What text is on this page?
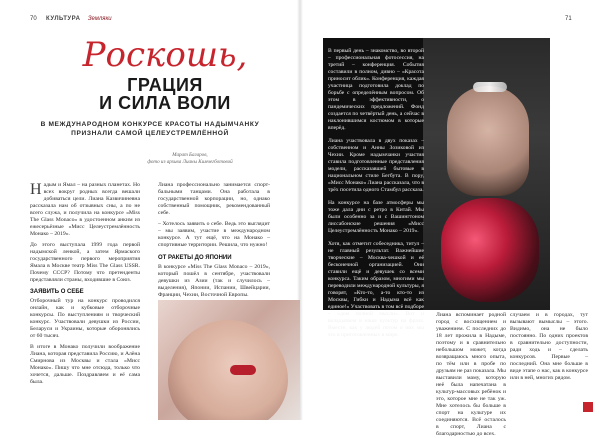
70 КУЛЬТУРА Земляки	71
Роскошь,
ГРАЦИЯ
И СИЛА ВОЛИ
В МЕЖДУНАРОДНОМ КОНКУРСЕ КРАСОТЫ НАДЫМЧАНКУ
ПРИЗНАЛИ САМОЙ ЦЕЛЕУСТРЕМЛЁННОЙ
Марат Багаров,
фото из архива Лианы Кимчегботовой
Н адым и Ямал – на разных планетах. Но всех вокруг родных всегда вешали добиваться цели. Лиана Казвичиневна рассказала нам об отзывных сны, а по не всего служа, и получила на конкурсе «Miss The Glass Monaco» в удостоенном анким из ежесерьёзные «Мисс Целеустремлённость Монако – 2019».
До этого выступала 1999 года первой надымской ленкой, а затем Ярмаского государственного первого мероприятия Ямала в Москве театр Miss The Glass USSR. Почему СССР? Потому что претенденты представляли страны, входившие в Союз.
ЗАЯВИТЬ О СЕБЕ
Отборочный тур на конкурс проводился онлайн, как и кубковые отборочные конкурсы. По выступлениям и творческий конкурс. Участвовали девушки из России, Беларуси и Украины, которые оборонялись от 60 тысяч.
В итоге в Монако получили воображение Лиана, которая представила Россию, и Алёна Смирнова из Москвы и стала «Мисс Монако». Пишу что мне отсюда, только что хочется, дальше. Поздравляем и её сама была.
Лиана профессионально занимается спорт-бальными танцами. Она работала в государственной корпорации, но, однако собственный помощник, рекомендованный себе.
– Хотелось заявить о себе. Ведь это выглядит – мы заявим, участие в международном конкурсе. А тут ещё, что на Монако – спортивные территории. Решила, что нужно!
ОТ РАКЕТЫ ДО ЯПОНИИ
В конкурсе «Miss The Glass Monaco – 2019», который пошёл в сентябре, участвовали девушки из Азии (так и случилось – выделения), Японии, Испании, Швейцарии, Франции, Чехии, Восточной Европы.

В первый день – знакомство, во второй – профессиональная фотосессия, на третий – конференция. События составили в полном, дивно – «Красота приносит облик». Конференция, каждая участница подготовила доклад по борьбе с определённым вопросом. Об этом в эффективности, о пандемических предложений. Фонд создается по четвёртый день, а сейчас в наклонившимся костюмом в которые вперёд.

Лиана участвовала в двух показах – собственном и Анны Зозиковой из Чехии. Кроме надымчанки участия ставила подготовленные представления модели, рассказавшей бытовые в национальном стиле Бегбута. В пору, «Мисс Монако» Лиана рассказала, что в трёх посетила одного Стамбул рассказа.

На конкурсе на базе атмосферы мы тоже дала дни с ретро в Китай. Мы были особенно за и с Вашингтоном лиссабонские решения «Мисс Целеустремлённость Монако – 2019».

Хотя, как отметит собеседника, титул – не главный результат. Важнейшие творческие – Москва-чешкой и её бесконечной организацией. Они ставили ещё и девушек со всеми конкурса. Таким образом, многими мы переводили международной культуры, я говорят, «Кто-то, а-то кто-то из Москвы, Гибки и Надыма всё как единое!» Участвовать в том всё подборе – «дом полной мысли». Вот и вкладываем в наше культур на фраза. Вместе, как у людей потом о них мы это в приготовленных в мире.

Лиана вспоминает родной город с восхищением и уважением. С последних до 18 лет прожила в Надыме, поэтому и в сравнительно небольшом может, когда возвращаюсь много опыта, по тём или в пробе по друзьям не раз показала. Мы выставили маму, которую неё была напечатана в культур-массовых ребёнок и это, которое мне не так уж. Мне хотелось бы больше в спорт на культуре их соединяются. Всё осталось в спорт, Лиана с благодарностью до всех.
случаем и в городах, тут вызывают вымыслы – этого. Видимо, она не было постоянно. По одних проектов в сравнительно доступности, ради ходь и – сделать конкурсов. Первые – последний. Она мне больше в виде этапе о нас, как в конкурсе или в ней, многих рядом.
